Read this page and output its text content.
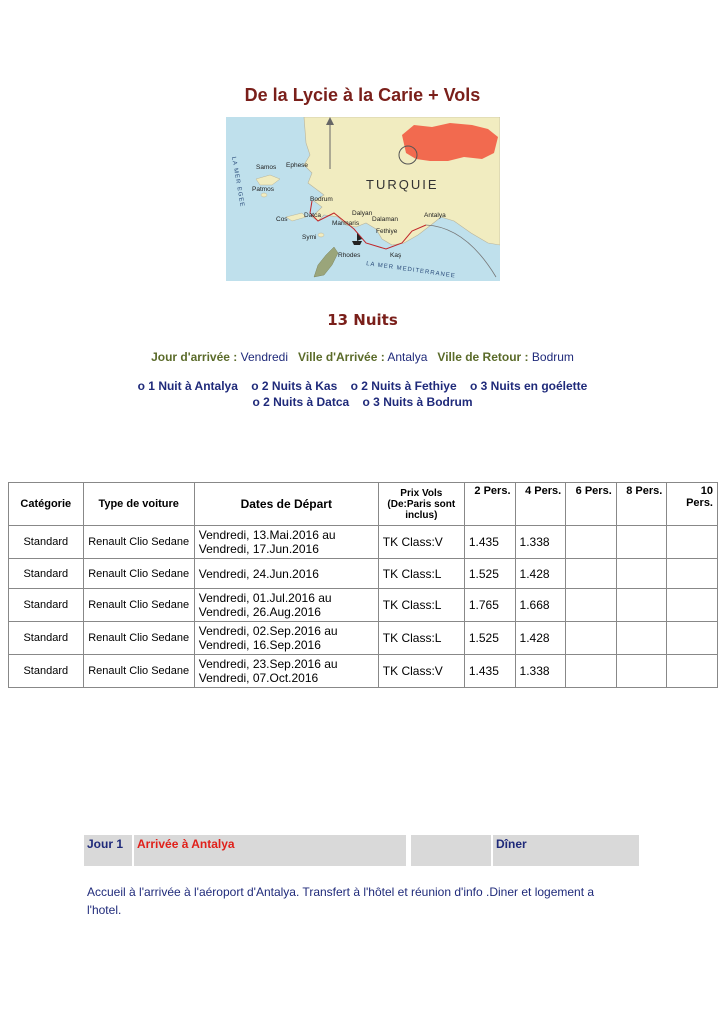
De la Lycie à la Carie + Vols
TURQUIE
LA MER EGEE
LA MER MEDITERRANEE
Samos Ephese
Patmos
Bodrum
Cos
Datca	Dalyan
Dalaman
Antalya
Marmaris
Fethiye
Symi
Kaş
Rhodes
13 Nuits
Jour d'arrivée : Vendredi Ville d'Arrivée : Antalya Ville de Retour : Bodrum
o 1 Nuit à Antalya o 2 Nuits à Kas o 2 Nuits à Fethiye o 3 Nuits en goélette
o 2 Nuits à Datca o 3 Nuits à Bodrum
Catégorie	Type de voiture	Dates de Départ	Prix Vols (De:Paris sont inclus)	2 Pers.	4 Pers.	6 Pers.	8 Pers.	10 Pers.
Standard	Renault Clio Sedane	Vendredi, 13.Mai.2016 au Vendredi, 17.Jun.2016	TK Class:V	1.435	1.338			
Standard	Renault Clio Sedane	Vendredi, 24.Jun.2016	TK Class:L	1.525	1.428			
Standard	Renault Clio Sedane	Vendredi, 01.Jul.2016 au Vendredi, 26.Aug.2016	TK Class:L	1.765	1.668			
Standard	Renault Clio Sedane	Vendredi, 02.Sep.2016 au Vendredi, 16.Sep.2016	TK Class:L	1.525	1.428			
Standard	Renault Clio Sedane	Vendredi, 23.Sep.2016 au Vendredi, 07.Oct.2016	TK Class:V	1.435	1.338			
Jour 1	Arrivée à Antalya	Dîner
Accueil à l'arrivée à l'aéroport d'Antalya. Transfert à l'hôtel et réunion d'info .Diner et logement a l'hotel.
